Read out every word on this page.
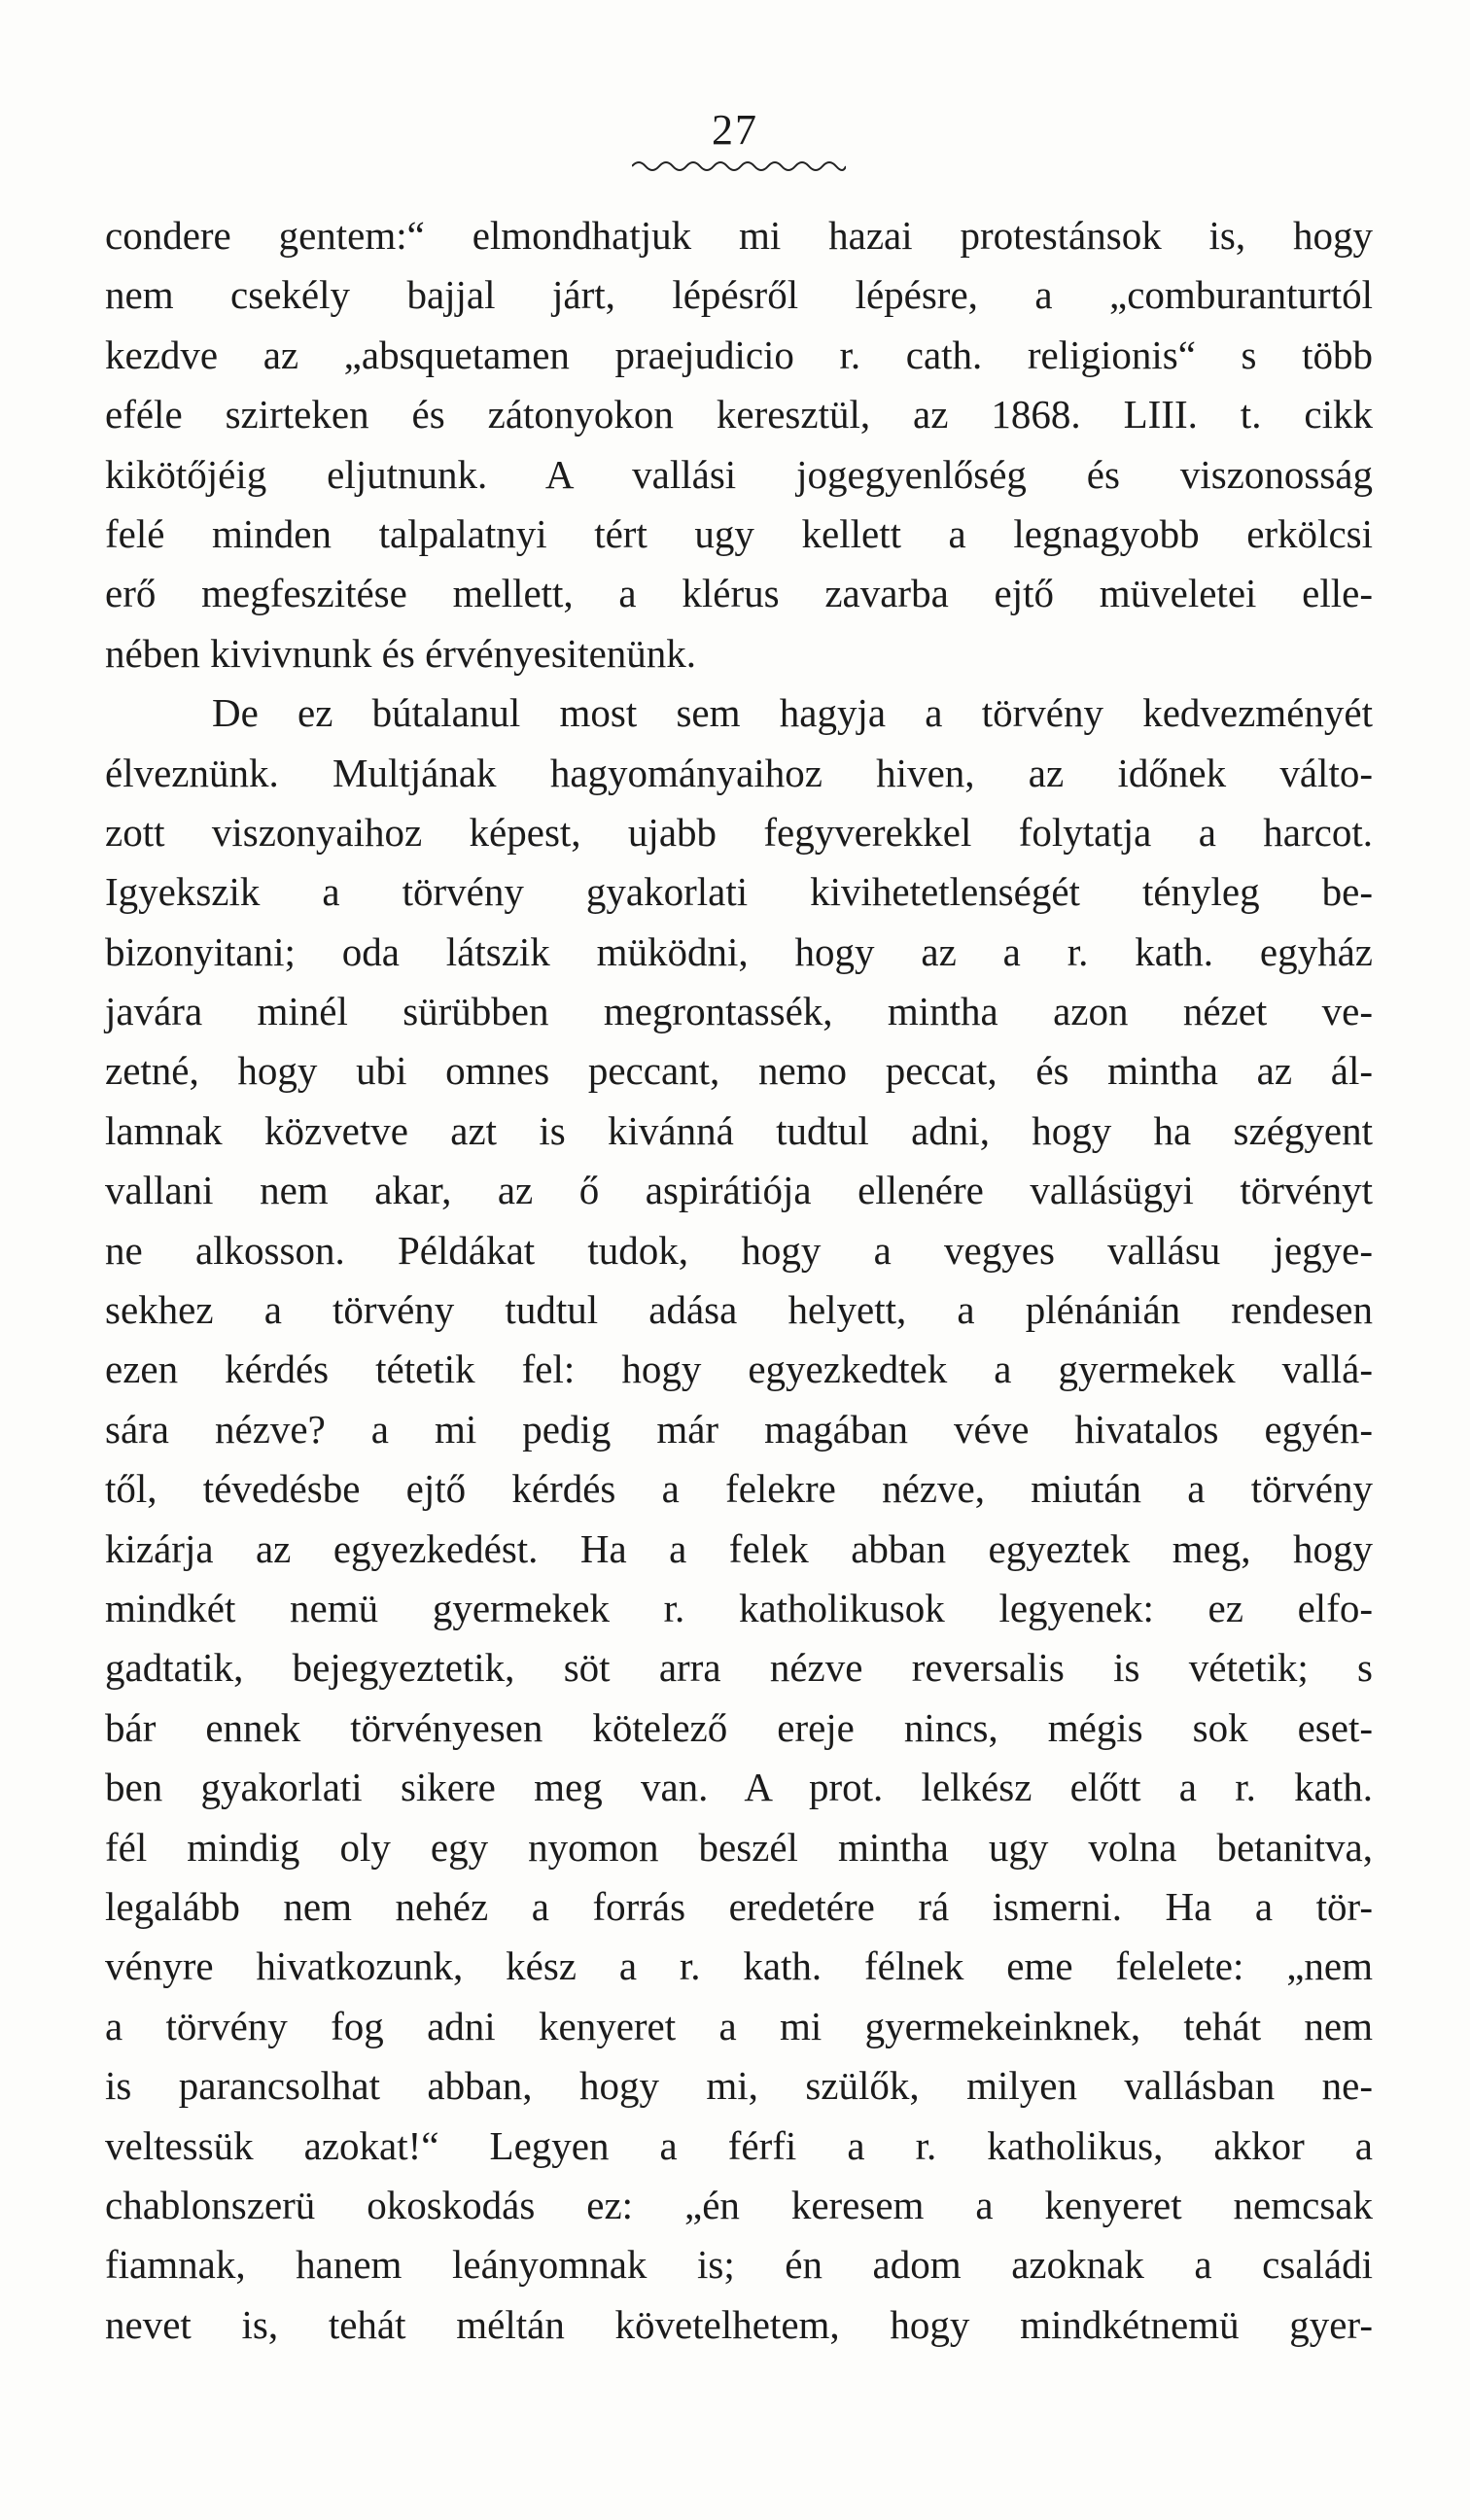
27
condere gentem:“ elmondhatjuk mi hazai protestánsok is, hogy
nem csekély bajjal járt, lépésről lépésre, a „comburanturtól
kezdve az „absquetamen praejudicio r. cath. religionis“ s több
eféle szirteken és zátonyokon keresztül, az 1868. LIII. t. cikk
kikötőjéig eljutnunk. A vallási jogegyenlőség és viszonosság
felé minden talpalatnyi tért ugy kellett a legnagyobb erkölcsi
erő megfeszitése mellett, a klérus zavarba ejtő müveletei elle-
nében kivivnunk és érvényesitenünk.
De ez bútalanul most sem hagyja a törvény kedvezményét
élveznünk. Multjának hagyományaihoz hiven, az időnek válto-
zott viszonyaihoz képest, ujabb fegyverekkel folytatja a harcot.
Igyekszik a törvény gyakorlati kivihetetlenségét tényleg be-
bizonyitani; oda látszik müködni, hogy az a r. kath. egyház
javára minél sürübben megrontassék, mintha azon nézet ve-
zetné, hogy ubi omnes peccant, nemo peccat, és mintha az ál-
lamnak közvetve azt is kivánná tudtul adni, hogy ha szégyent
vallani nem akar, az ő aspirátiója ellenére vallásügyi törvényt
ne alkosson. Példákat tudok, hogy a vegyes vallásu jegye-
sekhez a törvény tudtul adása helyett, a plénánián rendesen
ezen kérdés tétetik fel: hogy egyezkedtek a gyermekek vallá-
sára nézve? a mi pedig már magában véve hivatalos egyén-
től, tévedésbe ejtő kérdés a felekre nézve, miután a törvény
kizárja az egyezkedést. Ha a felek abban egyeztek meg, hogy
mindkét nemü gyermekek r. katholikusok legyenek: ez elfo-
gadtatik, bejegyeztetik, söt arra nézve reversalis is vétetik; s
bár ennek törvényesen kötelező ereje nincs, mégis sok eset-
ben gyakorlati sikere meg van. A prot. lelkész előtt a r. kath.
fél mindig oly egy nyomon beszél mintha ugy volna betanitva,
legalább nem nehéz a forrás eredetére rá ismerni. Ha a tör-
vényre hivatkozunk, kész a r. kath. félnek eme felelete: „nem
a törvény fog adni kenyeret a mi gyermekeinknek, tehát nem
is parancsolhat abban, hogy mi, szülők, milyen vallásban ne-
veltessük azokat!“ Legyen a férfi a r. katholikus, akkor a
chablonszerü okoskodás ez: „én keresem a kenyeret nemcsak
fiamnak, hanem leányomnak is; én adom azoknak a családi
nevet is, tehát méltán követelhetem, hogy mindkétnemü gyer-
